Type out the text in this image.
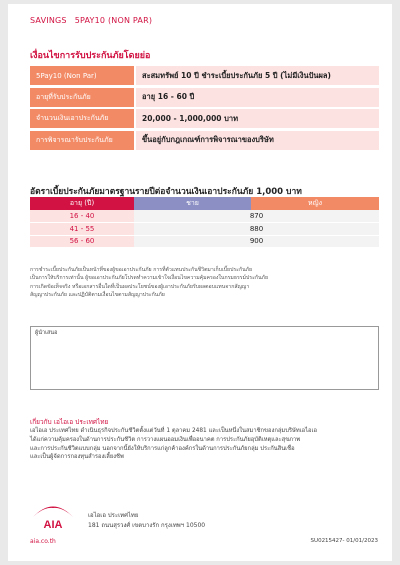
SAVINGS 5PAY10 (NON PAR)
เงื่อนไขการรับประกันภัยโดยย่อ
5Pay10 (Non Par)	สะสมทรัพย์ 10 ปี ชำระเบี้ยประกันภัย 5 ปี (ไม่มีเงินปันผล)
อายุที่รับประกันภัย	อายุ 16 - 60 ปี
จำนวนเงินเอาประกันภัย	20,000 - 1,000,000 บาท
การพิจารณารับประกันภัย	ขึ้นอยู่กับกฎเกณฑ์การพิจารณาของบริษัท
อัตราเบี้ยประกันภัยมาตรฐานรายปีต่อจำนวนเงินเอาประกันภัย 1,000 บาท
อายุ (ปี)	ชาย	หญิง
16 - 40	870	
41 - 55	880	
56 - 60	900	
การชำระเบี้ยประกันภัยเป็นหน้าที่ของผู้ขอเอาประกันภัย การที่ตัวแทนประกันชีวิตมาเก็บเบี้ยประกันภัย
เป็นการให้บริการเท่านั้น ผู้ขอเอาประกันภัยโปรดทำความเข้าใจเงื่อนไขความคุ้มครองในกรมธรรม์ประกันภัย
การเกิดข้อเท็จจริง หรือเอกสารอื่นใดที่เป็นผลประโยชน์ของผู้เอาประกันภัยรับผลตอบแทนจากสัญญา
สัญญาประกันภัย และปฏิบัติตามเงื่อนไขตามสัญญาประกันภัย
ผู้นำเสนอ
เกี่ยวกับ เอไอเอ ประเทศไทย
เอไอเอ ประเทศไทย ดำเนินธุรกิจประกันชีวิตตั้งแต่วันที่ 1 ตุลาคม 2481 และเป็นหนึ่งในสมาชิกของกลุ่มบริษัทเอไอเอ
ได้แก่ความคุ้มครองในด้านการประกันชีวิต การวางแผนออมเงินเพื่ออนาคต การประกันภัยอุบัติเหตุและสุขภาพ
และการประกันชีวิตแบบกลุ่ม นอกจากนี้ยังให้บริการแก่ลูกค้าองค์กรในด้านการประกันภัยกลุ่ม ประกันสินเชื่อ
และเป็นผู้จัดการกองทุนสำรองเลี้ยงชีพ
AIA
เอไอเอ ประเทศไทย
181 ถนนสุรวงศ์ เขตบางรัก กรุงเทพฯ 10500
aia.co.th	SU0215427- 01/01/2023
